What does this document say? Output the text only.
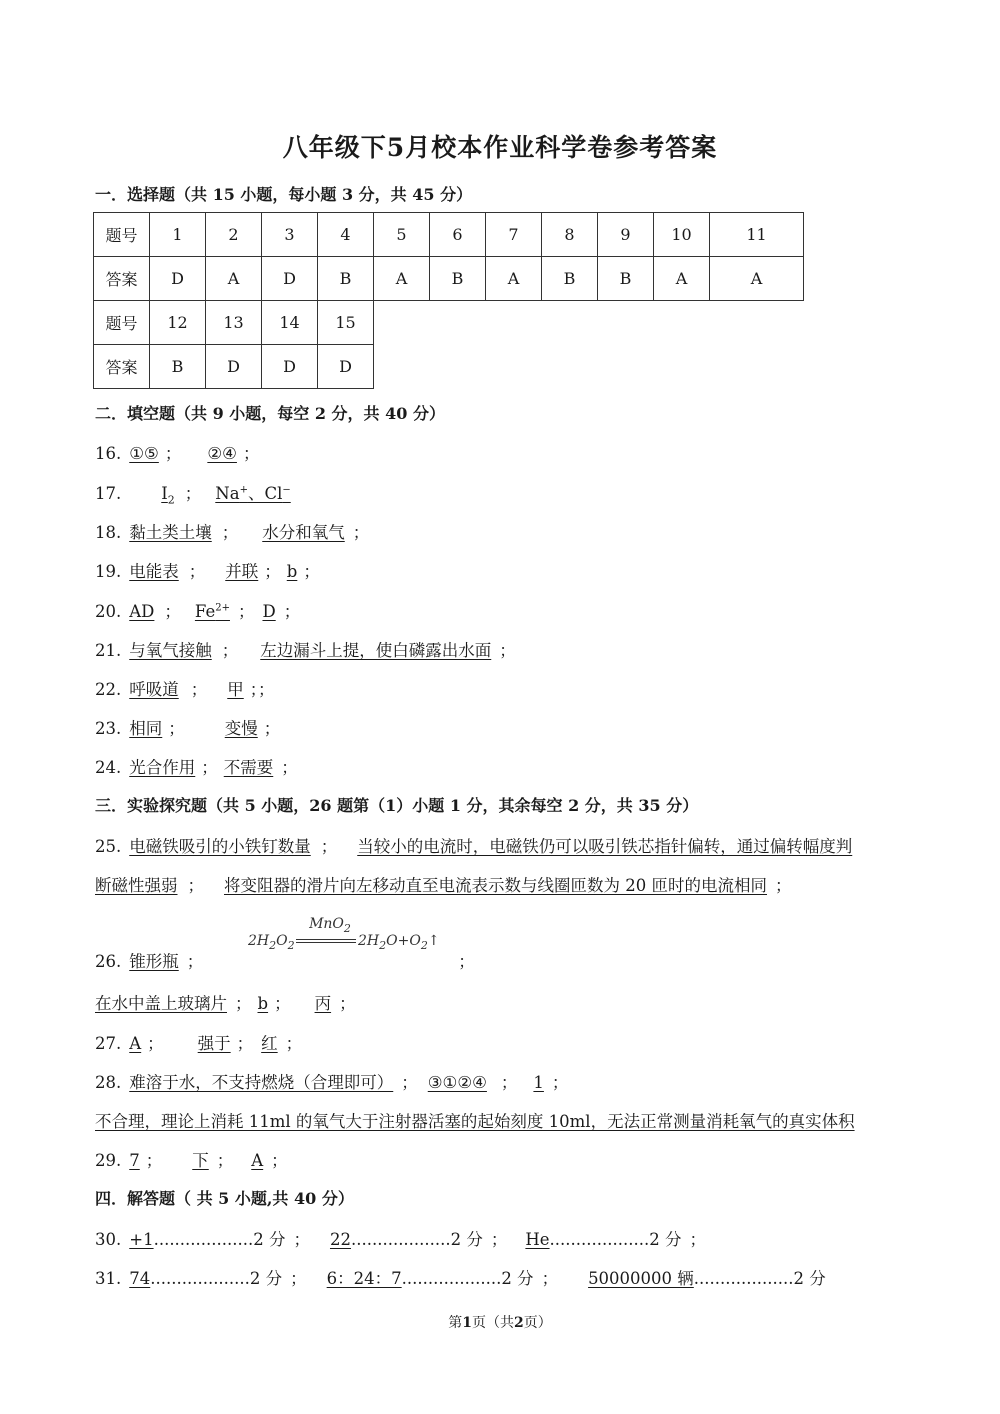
八年级下5月校本作业科学卷参考答案
一．选择题（共 15 小题，每小题 3 分，共 45 分）
题号	1	2	3	4	5	6	7	8	9	10	11
答案	D	A	D	B	A	B	A	B	B	A	A
题号	12	13	14	15							
答案	B	D	D	D							
二．填空题（共 9 小题，每空 2 分，共 40 分）
16. ①⑤ ； ②④ ；
17. $I_2$ ； Na+、Cl−
18. 黏土类土壤 ； 水分和氧气 ；
19. 电能表 ； 并联 ； b ；
20. AD ； $Fe^{2+}$ ； D ；
21. 与氧气接触 ； 左边漏斗上提，使白磷露出水面 ；
22. 呼吸道 ； 甲 ；；
23. 相同 ； 变慢 ；
24. 光合作用 ； 不需要 ；
三．实验探究题（共 5 小题，26 题第（1）小题 1 分，其余每空 2 分，共 35 分）
25. 电磁铁吸引的小铁钉数量 ； 当较小的电流时，电磁铁仍可以吸引铁芯指针偏转，通过偏转幅度判
断磁性强弱 ； 将变阻器的滑片向左移动直至电流表示数与线圈匝数为 20 匝时的电流相同 ；
26. 锥形瓶 ；	；
MnO$_2$
$2H_2O_2$	$2H_2O+O_2↑$
在水中盖上玻璃片 ； b ； 丙 ；
27. A ； 强于 ； 红 ；
28. 难溶于水，不支持燃烧（合理即可） ； ③①②④ ； 1 ；
不合理，理论上消耗 11ml 的氧气大于注射器活塞的起始刻度 10ml，无法正常测量消耗氧气的真实体积
29. 7 ； 下 ； A ；
四．解答题（ 共 5 小题,共 40 分）
30. +1...................2 分 ； 22...................2 分 ； He...................2 分 ；
31. 74...................2 分 ； 6：24：7...................2 分 ； 50000000 辆...................2 分
第1页（共2页）
